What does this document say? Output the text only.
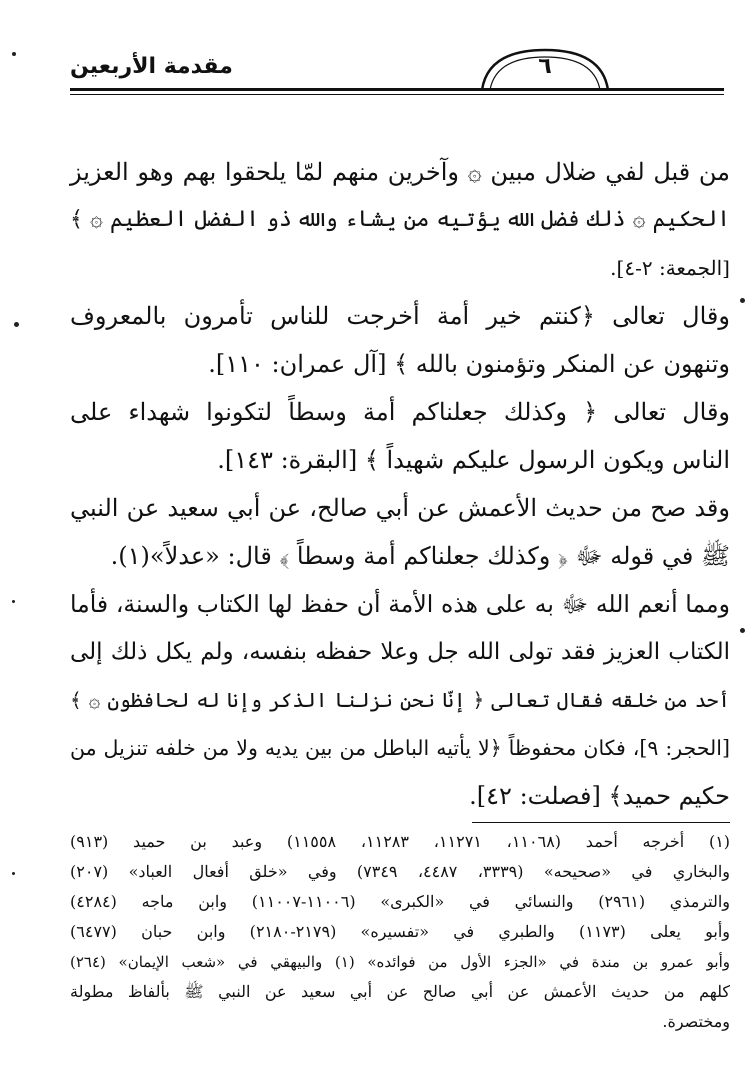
مقدمة الأربعين	٦
من قبل لفي ضلال مبين ۞ وآخرين منهم لمّا يلحقوا بهم وهو العزيز
الحكيم ۞ ذلك فضل الله يؤتيه من يشاء والله ذو الفضل العظيم ۞ ﴾
[الجمعة: ٢-٤].
وقال تعالى ﴿كنتم خير أمة أخرجت للناس تأمرون بالمعروف
وتنهون عن المنكر وتؤمنون بالله ﴾ [آل عمران: ١١٠].
وقال تعالى ﴿ وكذلك جعلناكم أمة وسطاً لتكونوا شهداء على
الناس ويكون الرسول عليكم شهيداً ﴾ [البقرة: ١٤٣].
وقد صح من حديث الأعمش عن أبي صالح، عن أبي سعيد عن النبي
ﷺ في قوله ﷻ ﴿ وكذلك جعلناكم أمة وسطاً ﴾ قال: «عدلاً»(١).
ومما أنعم الله ﷻ به على هذه الأمة أن حفظ لها الكتاب والسنة، فأما
الكتاب العزيز فقد تولى الله جل وعلا حفظه بنفسه، ولم يكل ذلك إلى
أحد من خلقه فقال تعالى ﴿ إنّا نحن نزلنا الذكر وإنا له لحافظون ۞ ﴾
[الحجر: ٩]، فكان محفوظاً ﴿لا يأتيه الباطل من بين يديه ولا من خلفه تنزيل من
حكيم حميد﴾ [فصلت: ٤٢].
(١) أخرجه أحمد (١١٠٦٨، ١١٢٧١، ١١٢٨٣، ١١٥٥٨) وعبد بن حميد (٩١٣)
والبخاري في «صحيحه» (٣٣٣٩، ٤٤٨٧، ٧٣٤٩) وفي «خلق أفعال العباد» (٢٠٧)
والترمذي (٢٩٦١) والنسائي في «الكبرى» (١١٠٠٦-١١٠٠٧) وابن ماجه (٤٢٨٤)
وأبو يعلى (١١٧٣) والطبري في «تفسيره» (٢١٧٩-٢١٨٠) وابن حبان (٦٤٧٧)
وأبو عمرو بن مندة في «الجزء الأول من فوائده» (١) والبيهقي في «شعب الإيمان» (٢٦٤)
كلهم من حديث الأعمش عن أبي صالح عن أبي سعيد عن النبي ﷺ بألفاظ مطولة
ومختصرة.
